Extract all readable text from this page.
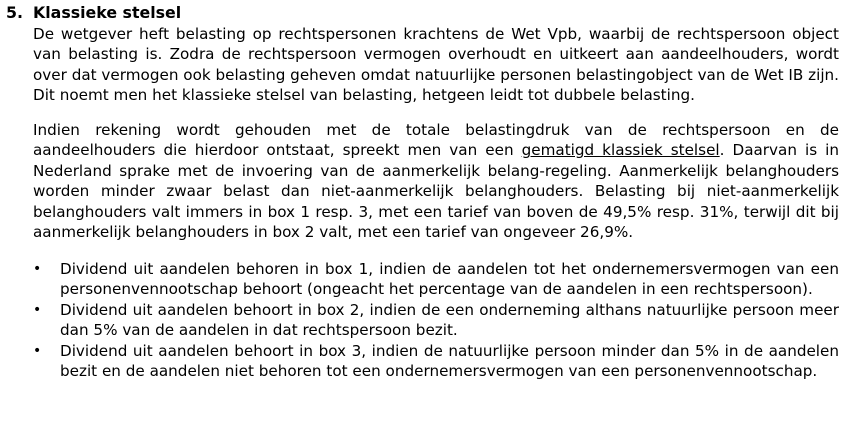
5. Klassieke stelsel
De wetgever heft belasting op rechtspersonen krachtens de Wet Vpb, waarbij de rechtspersoon object van belasting is. Zodra de rechtspersoon vermogen overhoudt en uitkeert aan aandeelhouders, wordt over dat vermogen ook belasting geheven omdat natuurlijke personen belastingobject van de Wet IB zijn. Dit noemt men het klassieke stelsel van belasting, hetgeen leidt tot dubbele belasting.
Indien rekening wordt gehouden met de totale belastingdruk van de rechtspersoon en de aandeelhouders die hierdoor ontstaat, spreekt men van een gematigd klassiek stelsel. Daarvan is in Nederland sprake met de invoering van de aanmerkelijk belang-regeling. Aanmerkelijk belanghouders worden minder zwaar belast dan niet-aanmerkelijk belanghouders. Belasting bij niet-aanmerkelijk belanghouders valt immers in box 1 resp. 3, met een tarief van boven de 49,5% resp. 31%, terwijl dit bij aanmerkelijk belanghouders in box 2 valt, met een tarief van ongeveer 26,9%.
• Dividend uit aandelen behoren in box 1, indien de aandelen tot het ondernemersvermogen van een personenvennootschap behoort (ongeacht het percentage van de aandelen in een rechtspersoon).
• Dividend uit aandelen behoort in box 2, indien de een onderneming althans natuurlijke persoon meer dan 5% van de aandelen in dat rechtspersoon bezit.
• Dividend uit aandelen behoort in box 3, indien de natuurlijke persoon minder dan 5% in de aandelen bezit en de aandelen niet behoren tot een ondernemersvermogen van een personenvennootschap.
